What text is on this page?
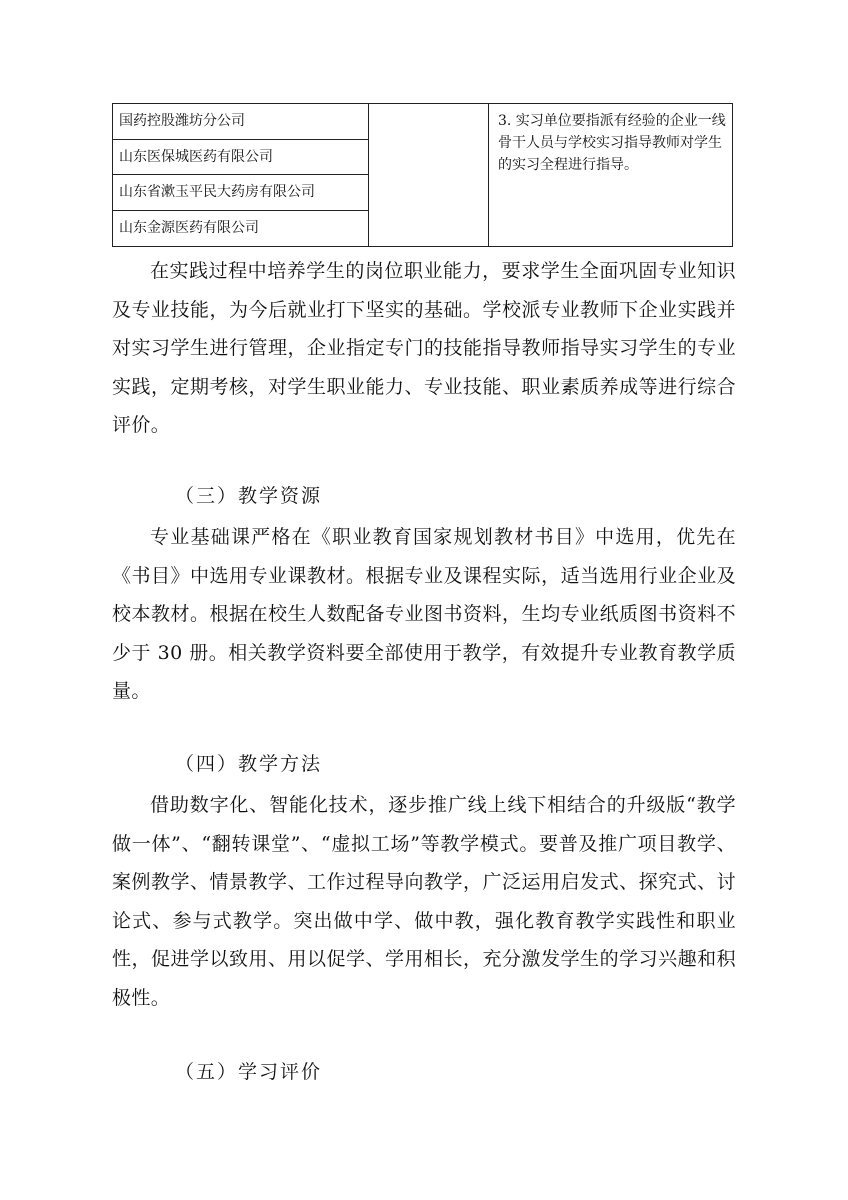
国药控股潍坊分公司
山东医保城医药有限公司
山东省漱玉平民大药房有限公司
山东金源医药有限公司
3. 实习单位要指派有经验的企业一线骨干人员与学校实习指导教师对学生的实习全程进行指导。

在实践过程中培养学生的岗位职业能力，要求学生全面巩固专业知识及专业技能，为今后就业打下坚实的基础。学校派专业教师下企业实践并对实习学生进行管理，企业指定专门的技能指导教师指导实习学生的专业实践，定期考核，对学生职业能力、专业技能、职业素质养成等进行综合评价。

（三）教学资源

专业基础课严格在《职业教育国家规划教材书目》中选用，优先在《书目》中选用专业课教材。根据专业及课程实际，适当选用行业企业及校本教材。根据在校生人数配备专业图书资料，生均专业纸质图书资料不少于 30 册。相关教学资料要全部使用于教学，有效提升专业教育教学质量。

（四）教学方法

借助数字化、智能化技术，逐步推广线上线下相结合的升级版“教学做一体”、“翻转课堂”、“虚拟工场”等教学模式。要普及推广项目教学、案例教学、情景教学、工作过程导向教学，广泛运用启发式、探究式、讨论式、参与式教学。突出做中学、做中教，强化教育教学实践性和职业性，促进学以致用、用以促学、学用相长，充分激发学生的学习兴趣和积极性。

（五）学习评价
